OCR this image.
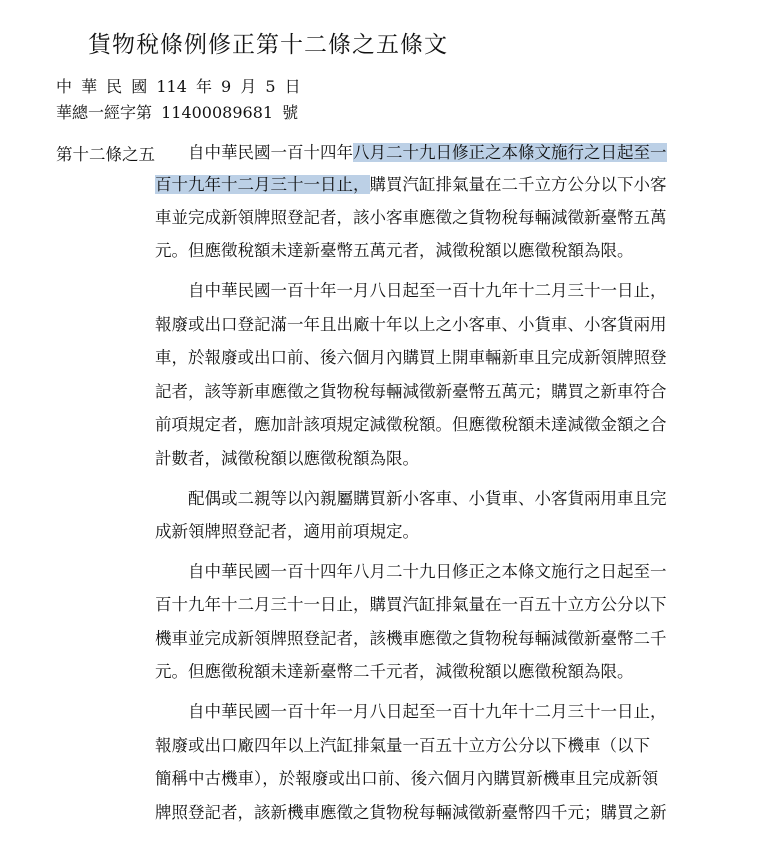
貨物稅條例修正第十二條之五條文
中 華 民 國 114 年 9 月 5 日
華總一經字第 11400089681 號
第十二條之五 自中華民國一百十四年八月二十九日修正之本條文施行之日起至一
百十九年十二月三十一日止，購買汽缸排氣量在二千立方公分以下小客
車並完成新領牌照登記者，該小客車應徵之貨物稅每輛減徵新臺幣五萬
元。但應徵稅額未達新臺幣五萬元者，減徵稅額以應徵稅額為限。
自中華民國一百十年一月八日起至一百十九年十二月三十一日止，
報廢或出口登記滿一年且出廠十年以上之小客車、小貨車、小客貨兩用
車，於報廢或出口前、後六個月內購買上開車輛新車且完成新領牌照登
記者，該等新車應徵之貨物稅每輛減徵新臺幣五萬元；購買之新車符合
前項規定者，應加計該項規定減徵稅額。但應徵稅額未達減徵金額之合
計數者，減徵稅額以應徵稅額為限。
配偶或二親等以內親屬購買新小客車、小貨車、小客貨兩用車且完
成新領牌照登記者，適用前項規定。
自中華民國一百十四年八月二十九日修正之本條文施行之日起至一
百十九年十二月三十一日止，購買汽缸排氣量在一百五十立方公分以下
機車並完成新領牌照登記者，該機車應徵之貨物稅每輛減徵新臺幣二千
元。但應徵稅額未達新臺幣二千元者，減徵稅額以應徵稅額為限。
自中華民國一百十年一月八日起至一百十九年十二月三十一日止，
報廢或出口廠四年以上汽缸排氣量一百五十立方公分以下機車（以下
簡稱中古機車），於報廢或出口前、後六個月內購買新機車且完成新領
牌照登記者，該新機車應徵之貨物稅每輛減徵新臺幣四千元；購買之新
